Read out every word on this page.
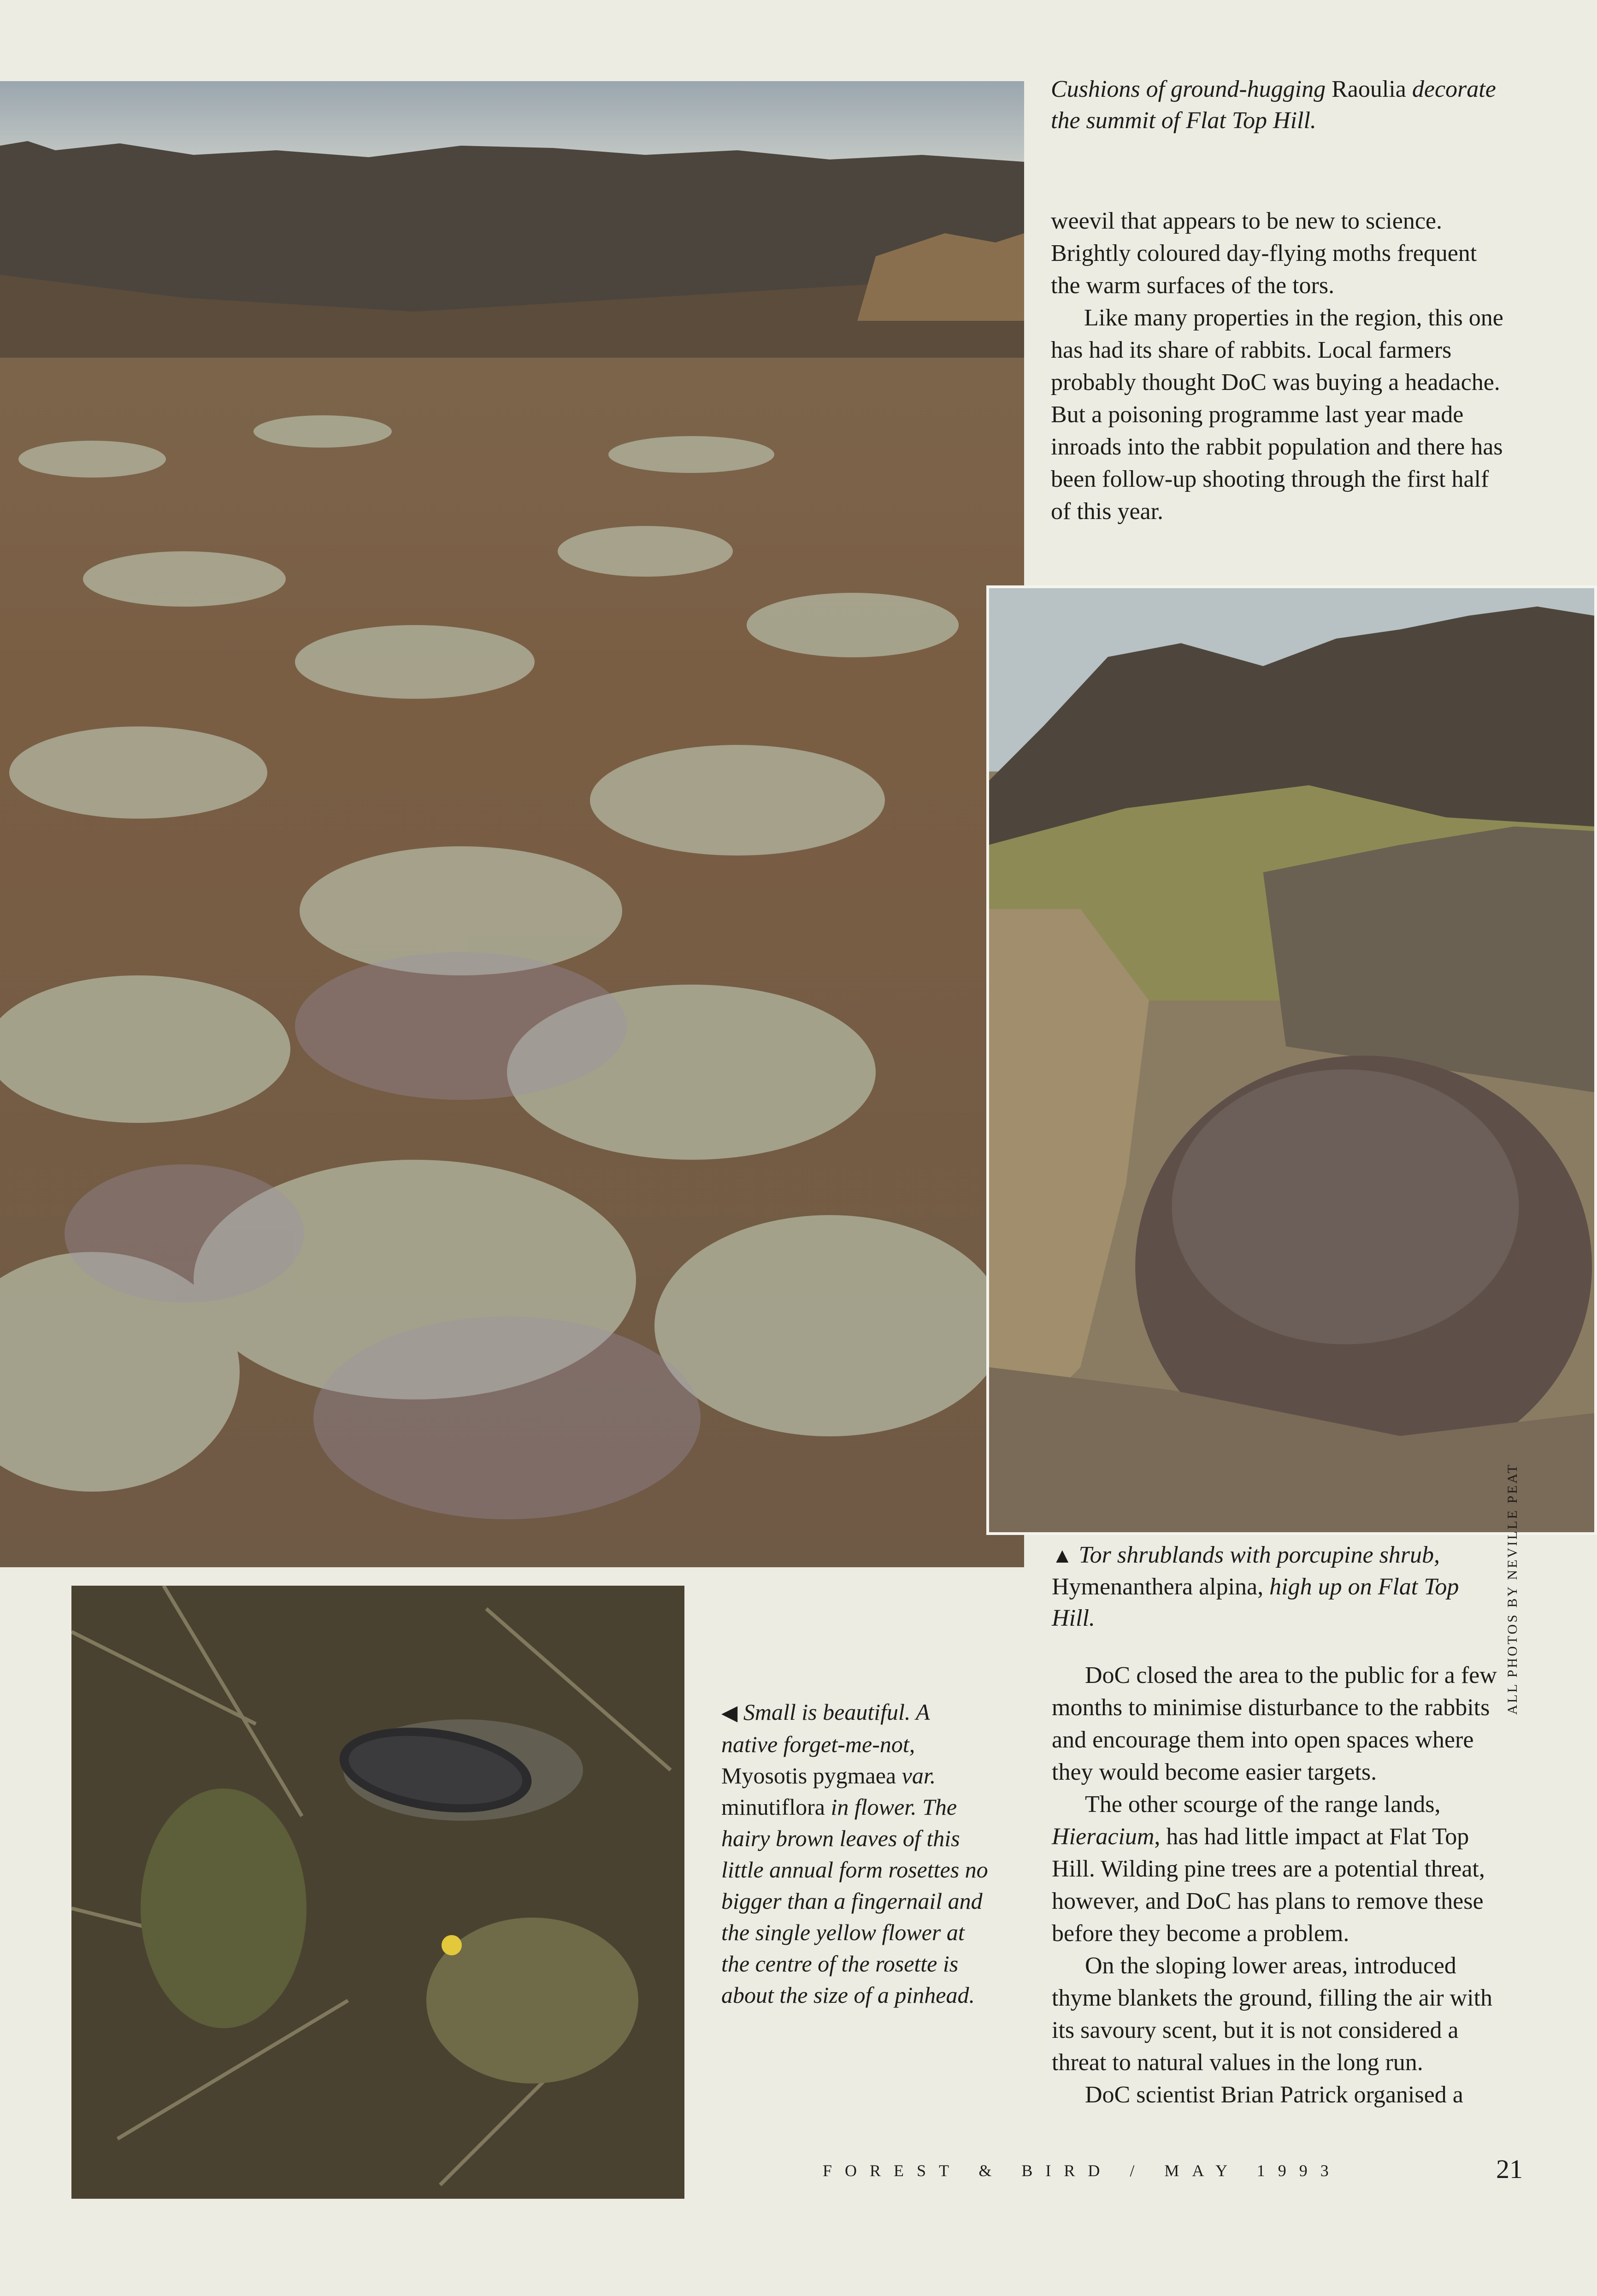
Cushions of ground-hugging Raoulia decorate the summit of Flat Top Hill.

weevil that appears to be new to science. Brightly coloured day-flying moths frequent the warm surfaces of the tors.

Like many properties in the region, this one has had its share of rabbits. Local farmers probably thought DoC was buying a headache. But a poisoning programme last year made inroads into the rabbit population and there has been follow-up shooting through the first half of this year.

▲ Tor shrublands with porcupine shrub, Hymenanthera alpina, high up on Flat Top Hill.
◀ Small is beautiful. A native forget-me-not, Myosotis pygmaea var. minutiflora in flower. The hairy brown leaves of this little annual form rosettes no bigger than a fingernail and the single yellow flower at the centre of the rosette is about the size of a pinhead.

DoC closed the area to the public for a few months to minimise disturbance to the rabbits and encourage them into open spaces where they would become easier targets.

The other scourge of the range lands, Hieracium, has had little impact at Flat Top Hill. Wilding pine trees are a potential threat, however, and DoC has plans to remove these before they become a problem.

On the sloping lower areas, introduced thyme blankets the ground, filling the air with its savoury scent, but it is not considered a threat to natural values in the long run.

DoC scientist Brian Patrick organised a

ALL PHOTOS BY NEVILLE PEAT
FOREST & BIRD / MAY 1993	21
